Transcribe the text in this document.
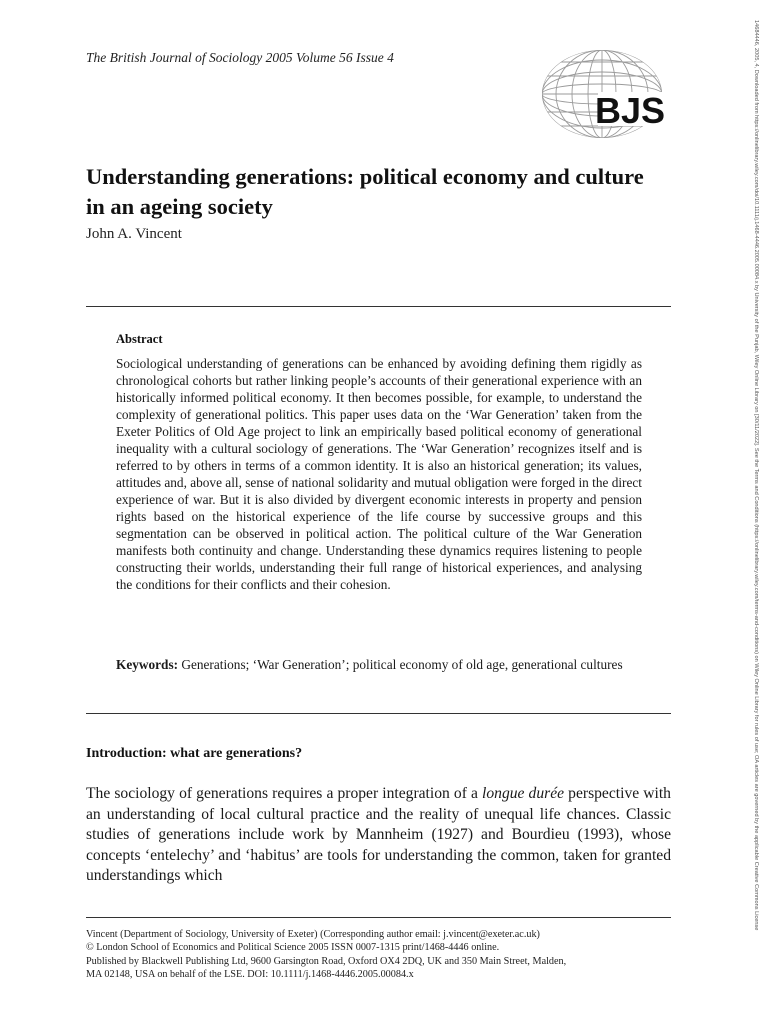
The British Journal of Sociology 2005 Volume 56 Issue 4
BJS
Understanding generations: political economy and culture in an ageing society
John A. Vincent
Abstract
Sociological understanding of generations can be enhanced by avoiding defining them rigidly as chronological cohorts but rather linking people’s accounts of their generational experience with an historically informed political economy. It then becomes possible, for example, to understand the complexity of generational politics. This paper uses data on the ‘War Generation’ taken from the Exeter Politics of Old Age project to link an empirically based political economy of generational inequality with a cultural sociology of generations. The ‘War Generation’ recognizes itself and is referred to by others in terms of a common identity. It is also an historical generation; its values, attitudes and, above all, sense of national solidarity and mutual obligation were forged in the direct experience of war. But it is also divided by divergent economic interests in property and pension rights based on the historical experience of the life course by successive groups and this segmentation can be observed in political action. The political culture of the War Generation manifests both continuity and change. Understanding these dynamics requires listening to people constructing their worlds, understanding their full range of historical experiences, and analysing the conditions for their conflicts and their cohesion.
Keywords: Generations; ‘War Generation’; political economy of old age, generational cultures
Introduction: what are generations?
The sociology of generations requires a proper integration of a longue durée perspective with an understanding of local cultural practice and the reality of unequal life chances. Classic studies of generations include work by Mannheim (1927) and Bourdieu (1993), whose concepts ‘entelechy’ and ‘habitus’ are tools for understanding the common, taken for granted understandings which
Vincent (Department of Sociology, University of Exeter) (Corresponding author email: j.vincent@exeter.ac.uk)
© London School of Economics and Political Science 2005 ISSN 0007-1315 print/1468-4446 online.
Published by Blackwell Publishing Ltd, 9600 Garsington Road, Oxford OX4 2DQ, UK and 350 Main Street, Malden,
MA 02148, USA on behalf of the LSE. DOI: 10.1111/j.1468-4446.2005.00084.x
14684446, 2005, 4, Downloaded from https://onlinelibrary.wiley.com/doi/10.1111/j.1468-4446.2005.00084.x by University of the Punjab, Wiley Online Library on [30/11/2022]. See the Terms and Conditions (https://onlinelibrary.wiley.com/terms-and-conditions) on Wiley Online Library for rules of use; OA articles are governed by the applicable Creative Commons License
